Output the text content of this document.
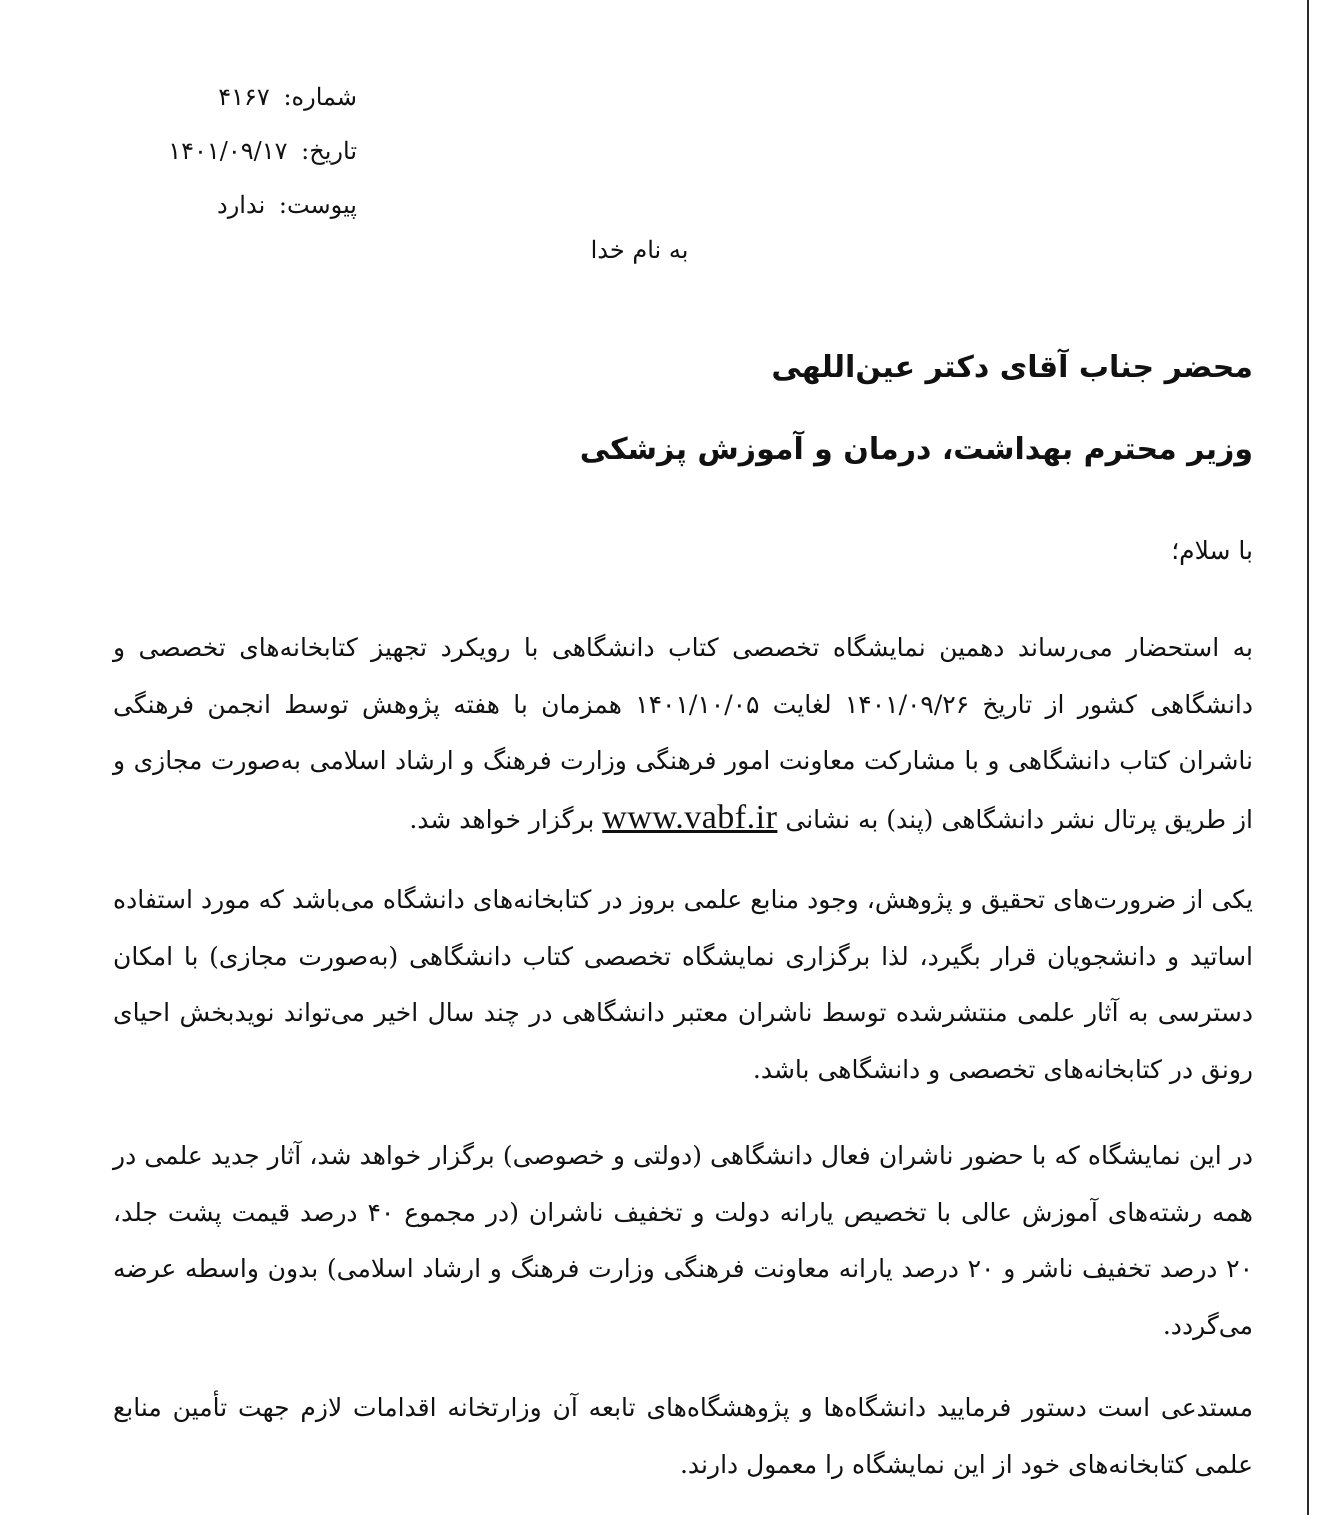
شماره: ۴۱۶۷
تاریخ: ۱۴۰۱/۰۹/۱۷
پیوست: ندارد
به نام خدا
محضر جناب آقای دکتر عین‌اللهی
وزیر محترم بهداشت، درمان و آموزش پزشکی
با سلام؛

به استحضار می‌رساند دهمین نمایشگاه تخصصی کتاب دانشگاهی با رویکرد تجهیز کتابخانه‌های تخصصی و دانشگاهی کشور از تاریخ ۱۴۰۱/۰۹/۲۶ لغایت ۱۴۰۱/۱۰/۰۵ همزمان با هفته پژوهش توسط انجمن فرهنگی ناشران کتاب دانشگاهی و با مشارکت معاونت امور فرهنگی وزارت فرهنگ و ارشاد اسلامی به‌صورت مجازی و از طریق پرتال نشر دانشگاهی (پند) به نشانی www.vabf.ir برگزار خواهد شد.

یکی از ضرورت‌های تحقیق و پژوهش، وجود منابع علمی بروز در کتابخانه‌های دانشگاه می‌باشد که مورد استفاده اساتید و دانشجویان قرار بگیرد، لذا برگزاری نمایشگاه تخصصی کتاب دانشگاهی (به‌صورت مجازی) با امکان دسترسی به آثار علمی منتشرشده توسط ناشران معتبر دانشگاهی در چند سال اخیر می‌تواند نویدبخش احیای رونق در کتابخانه‌های تخصصی و دانشگاهی باشد.

در این نمایشگاه که با حضور ناشران فعال دانشگاهی (دولتی و خصوصی) برگزار خواهد شد، آثار جدید علمی در همه رشته‌های آموزش عالی با تخصیص یارانه دولت و تخفیف ناشران (در مجموع ۴۰ درصد قیمت پشت جلد، ۲۰ درصد تخفیف ناشر و ۲۰ درصد یارانه معاونت فرهنگی وزارت فرهنگ و ارشاد اسلامی) بدون واسطه عرضه می‌گردد.

مستدعی است دستور فرمایید دانشگاه‌ها و پژوهشگاه‌های تابعه آن وزارتخانه اقدامات لازم جهت تأمین منابع علمی کتابخانه‌های خود از این نمایشگاه را معمول دارند.
